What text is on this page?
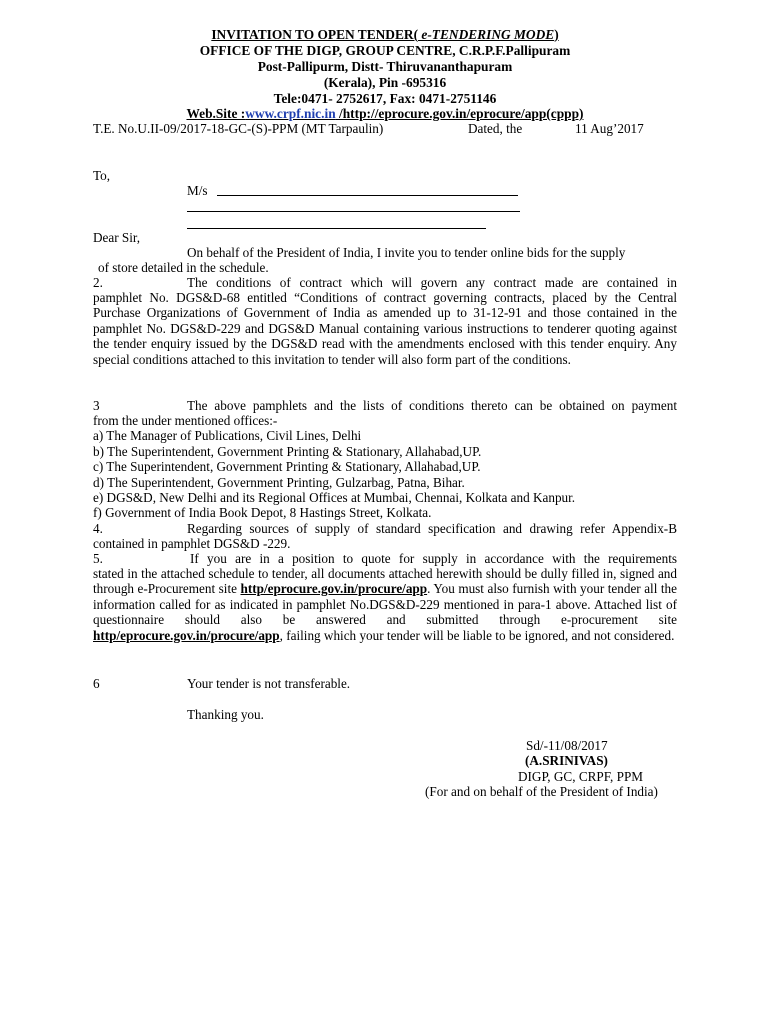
INVITATION TO OPEN TENDER( e-TENDERING MODE)
OFFICE OF THE DIGP, GROUP CENTRE, C.R.P.F.Pallipuram
Post-Pallipurm, Distt- Thiruvananthapuram
(Kerala), Pin -695316
Tele:0471- 2752617, Fax: 0471-2751146
Web.Site :www.crpf.nic.in /http://eprocure.gov.in/eprocure/app(cppp)
T.E. No.U.II-09/2017-18-GC-(S)-PPM (MT Tarpaulin)	Dated, the	11 Aug’2017
To,
M/s
Dear Sir,
On behalf of the President of India, I invite you to tender online bids for the supply
of store detailed in the schedule.
2.	The conditions of contract which will govern any contract made are contained in
pamphlet No. DGS&D-68 entitled “Conditions of contract governing contracts, placed by the Central Purchase Organizations of Government of India as amended up to 31-12-91 and those contained in the pamphlet No. DGS&D-229 and DGS&D Manual containing various instructions to tenderer quoting against the tender enquiry issued by the DGS&D read with the amendments enclosed with this tender enquiry. Any special conditions attached to this invitation to tender will also form part of the conditions.
3	The above pamphlets and the lists of conditions thereto can be obtained on payment
from the under mentioned offices:-
a) The Manager of Publications, Civil Lines, Delhi
b) The Superintendent, Government Printing & Stationary, Allahabad,UP.
c) The Superintendent, Government Printing & Stationary, Allahabad,UP.
d) The Superintendent, Government Printing, Gulzarbag, Patna, Bihar.
e) DGS&D, New Delhi and its Regional Offices at Mumbai, Chennai, Kolkata and Kanpur.
f) Government of India Book Depot, 8 Hastings Street, Kolkata.
4.	Regarding sources of supply of standard specification and drawing refer Appendix-B
contained in pamphlet DGS&D -229.
5.	If you are in a position to quote for supply in accordance with the requirements
stated in the attached schedule to tender, all documents attached herewith should be dully filled in, signed and through e-Procurement site http/eprocure.gov.in/procure/app. You must also furnish with your tender all the information called for as indicated in pamphlet No.DGS&D-229 mentioned in para-1 above. Attached list of questionnaire should also be answered and submitted through e-procurement site http/eprocure.gov.in/procure/app, failing which your tender will be liable to be ignored, and not considered.
6	Your tender is not transferable.
Thanking you.
Sd/-11/08/2017
(A.SRINIVAS)
DIGP, GC, CRPF, PPM
(For and on behalf of the President of India)
